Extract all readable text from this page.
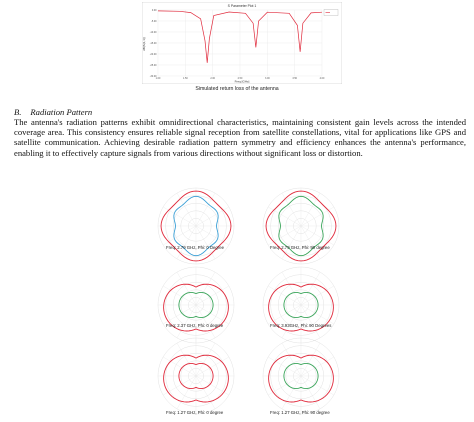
S Parameter Plot 1
Freq [GHz]
dB(S(1,1))
1.00	1.50	2.00	2.50	3.00	3.50	4.00
-30.00
-25.00
-20.00
-15.00
-10.00
-5.00
0.00
Simulated return loss of the antenna
B. Radiation Pattern

The antenna's radiation patterns exhibit omnidirectional characteristics, maintaining consistent gain levels across the intended coverage area. This consistency ensures reliable signal reception from satellite constellations, vital for applications like GPS and satellite communication. Achieving desirable radiation pattern symmetry and efficiency enhances the antenna's performance, enabling it to effectively capture signals from various directions without significant loss or distortion.

Freq: 2.79 GHz, Phi: 0 Degree	Freq: 2.79 GHz, Phi: 90 degree
Freq: 2.37 GHz, Phi: 0 degree	Freq: 3.93GHz, Phi: 90 Degrees
Freq: 1.27 GHz, Phi: 0 degree	Freq: 1.27 GHz, Phi: 90 degree
